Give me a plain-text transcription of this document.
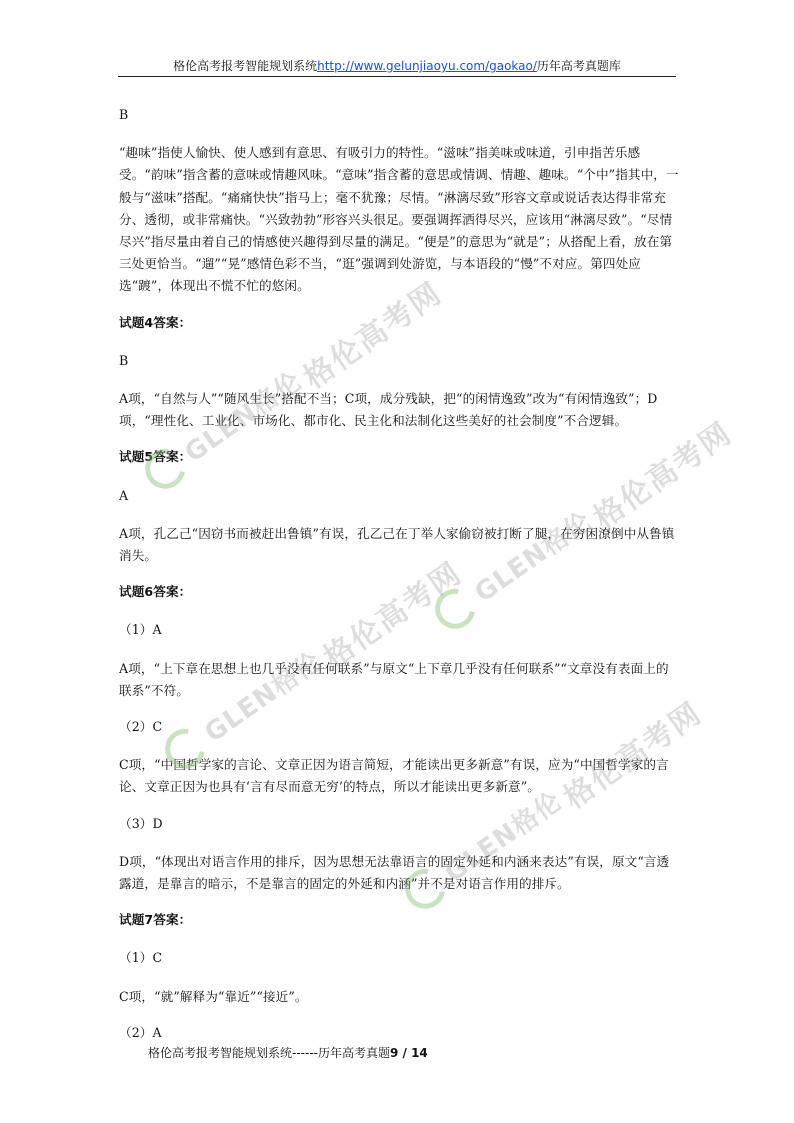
格伦高考报考智能规划系统http://www.gelunjiaoyu.com/gaokao/历年高考真题库

B

“趣味”指使人愉快、使人感到有意思、有吸引力的特性。“滋味”指美味或味道，引申指苦乐感受。“韵味”指含蓄的意味或情趣风味。“意味”指含蓄的意思或情调、情趣、趣味。“个中”指其中，一般与“滋味”搭配。“痛痛快快”指马上；毫不犹豫；尽情。“淋漓尽致”形容文章或说话表达得非常充分、透彻，或非常痛快。“兴致勃勃”形容兴头很足。要强调挥洒得尽兴，应该用“淋漓尽致”。“尽情尽兴”指尽量由着自己的情感使兴趣得到尽量的满足。“便是”的意思为“就是”；从搭配上看，放在第三处更恰当。“遛”“晃”感情色彩不当，“逛”强调到处游览，与本语段的“慢”不对应。第四处应选“踱”，体现出不慌不忙的悠闲。

试题4答案：

B

A项，“自然与人”“随风生长”搭配不当；C项，成分残缺，把“的闲情逸致”改为“有闲情逸致”；D项，“理性化、工业化、市场化、都市化、民主化和法制化这些美好的社会制度”不合逻辑。

试题5答案：

A

A项，孔乙己“因窃书而被赶出鲁镇”有误，孔乙己在丁举人家偷窃被打断了腿，在穷困潦倒中从鲁镇消失。

试题6答案：

（1）A

A项，“上下章在思想上也几乎没有任何联系”与原文“上下章几乎没有任何联系”“文章没有表面上的联系”不符。

（2）C

C项，“中国哲学家的言论、文章正因为语言简短，才能读出更多新意”有误，应为“中国哲学家的言论、文章正因为也具有‘言有尽而意无穷’的特点，所以才能读出更多新意”。

（3）D

D项，“体现出对语言作用的排斥，因为思想无法靠语言的固定外延和内涵来表达”有误，原文“言透露道，是靠言的暗示，不是靠言的固定的外延和内涵”并不是对语言作用的排斥。

试题7答案：

（1）C

C项，“就”解释为“靠近”“接近”。

（2）A

GLEN格伦
格伦高考网
GLEN格伦
格伦高考网
GLEN格伦
格伦高考网
GLEN格伦
格伦高考网
格伦高考报考智能规划系统------历年高考真题9 / 14
